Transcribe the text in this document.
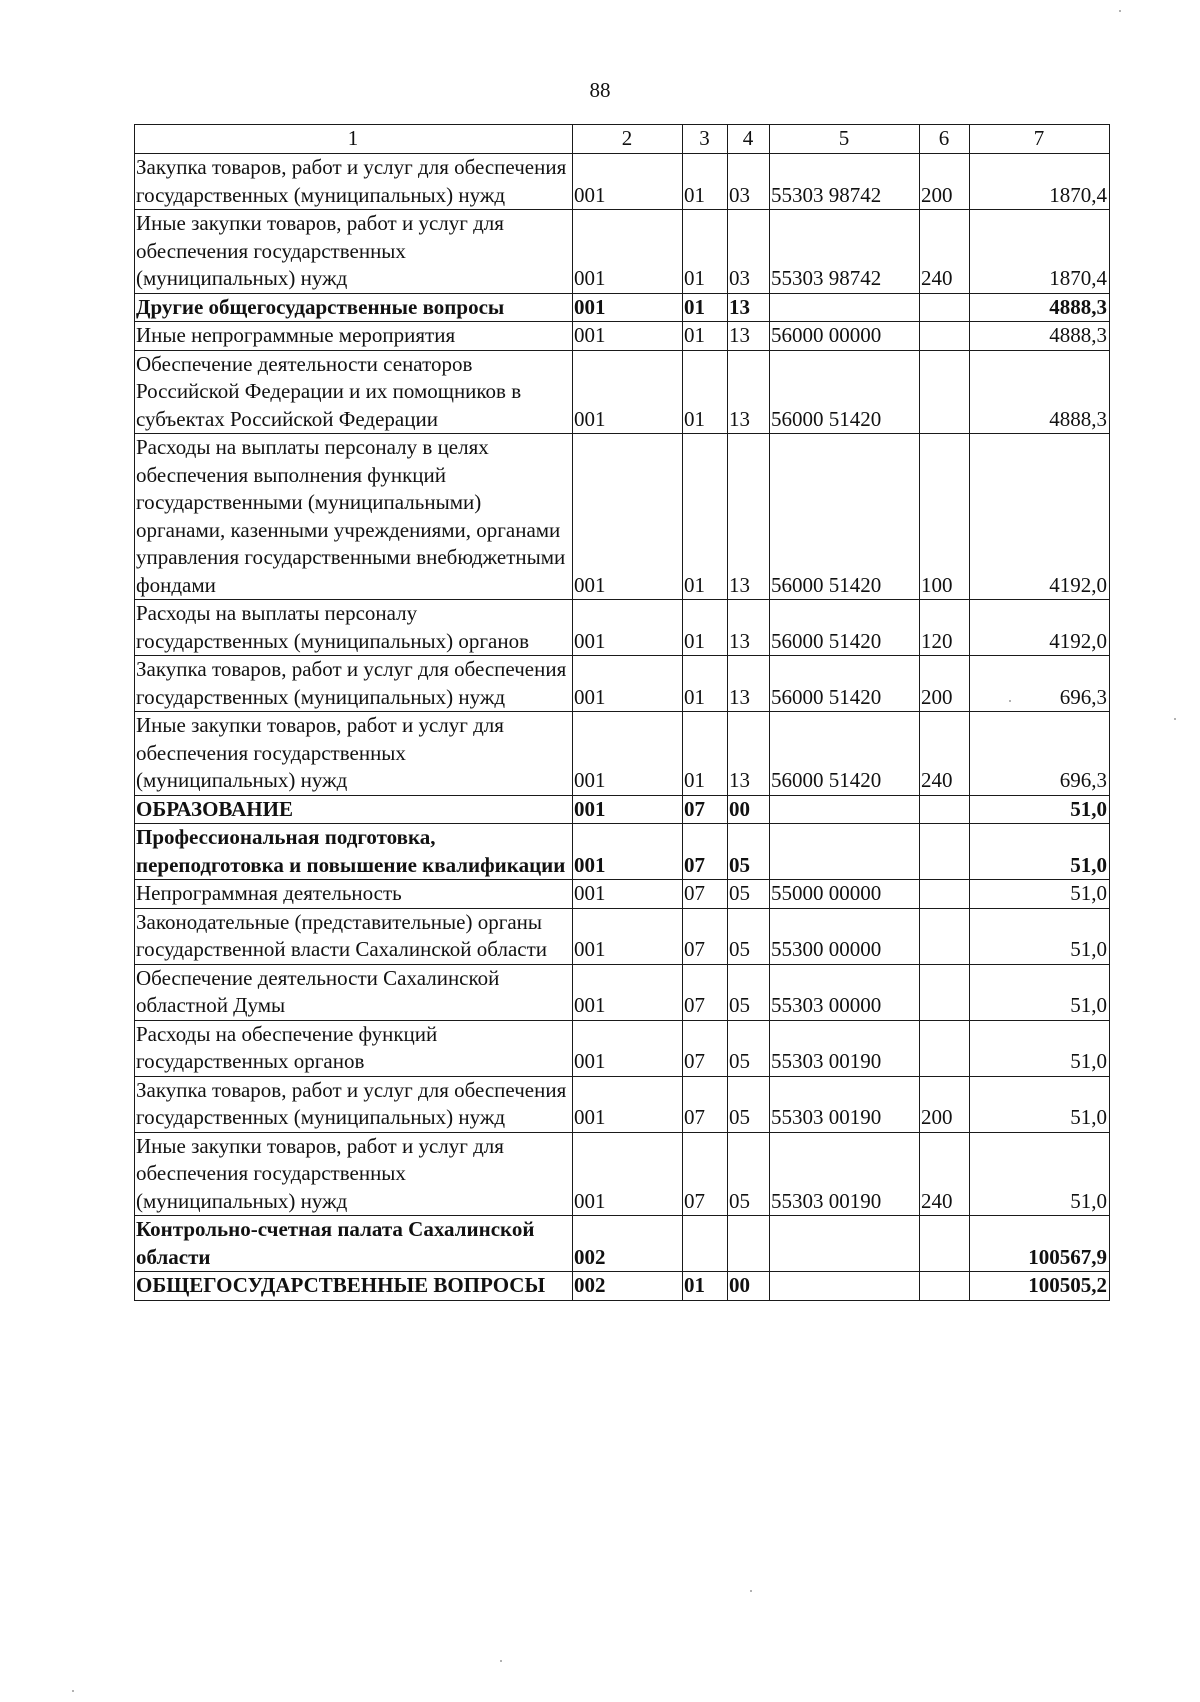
88
1	2	3	4	5	6	7
Закупка товаров, работ и услуг для обеспечения государственных (муниципальных) нужд	001	01	03	55303 98742	200	1870,4
Иные закупки товаров, работ и услуг для обеспечения государственных (муниципальных) нужд	001	01	03	55303 98742	240	1870,4
Другие общегосударственные вопросы	001	01	13			4888,3
Иные непрограммные мероприятия	001	01	13	56000 00000		4888,3
Обеспечение деятельности сенаторов Российской Федерации и их помощников в субъектах Российской Федерации	001	01	13	56000 51420		4888,3
Расходы на выплаты персоналу в целях обеспечения выполнения функций государственными (муниципальными) органами, казенными учреждениями, органами управления государственными внебюджетными фондами	001	01	13	56000 51420	100	4192,0
Расходы на выплаты персоналу государственных (муниципальных) органов	001	01	13	56000 51420	120	4192,0
Закупка товаров, работ и услуг для обеспечения государственных (муниципальных) нужд	001	01	13	56000 51420	200	696,3
Иные закупки товаров, работ и услуг для обеспечения государственных (муниципальных) нужд	001	01	13	56000 51420	240	696,3
ОБРАЗОВАНИЕ	001	07	00			51,0
Профессиональная подготовка, переподготовка и повышение квалификации	001	07	05			51,0
Непрограммная деятельность	001	07	05	55000 00000		51,0
Законодательные (представительные) органы государственной власти Сахалинской области	001	07	05	55300 00000		51,0
Обеспечение деятельности Сахалинской областной Думы	001	07	05	55303 00000		51,0
Расходы на обеспечение функций государственных органов	001	07	05	55303 00190		51,0
Закупка товаров, работ и услуг для обеспечения государственных (муниципальных) нужд	001	07	05	55303 00190	200	51,0
Иные закупки товаров, работ и услуг для обеспечения государственных (муниципальных) нужд	001	07	05	55303 00190	240	51,0
Контрольно-счетная палата Сахалинской области	002					100567,9
ОБЩЕГОСУДАРСТВЕННЫЕ ВОПРОСЫ	002	01	00			100505,2
